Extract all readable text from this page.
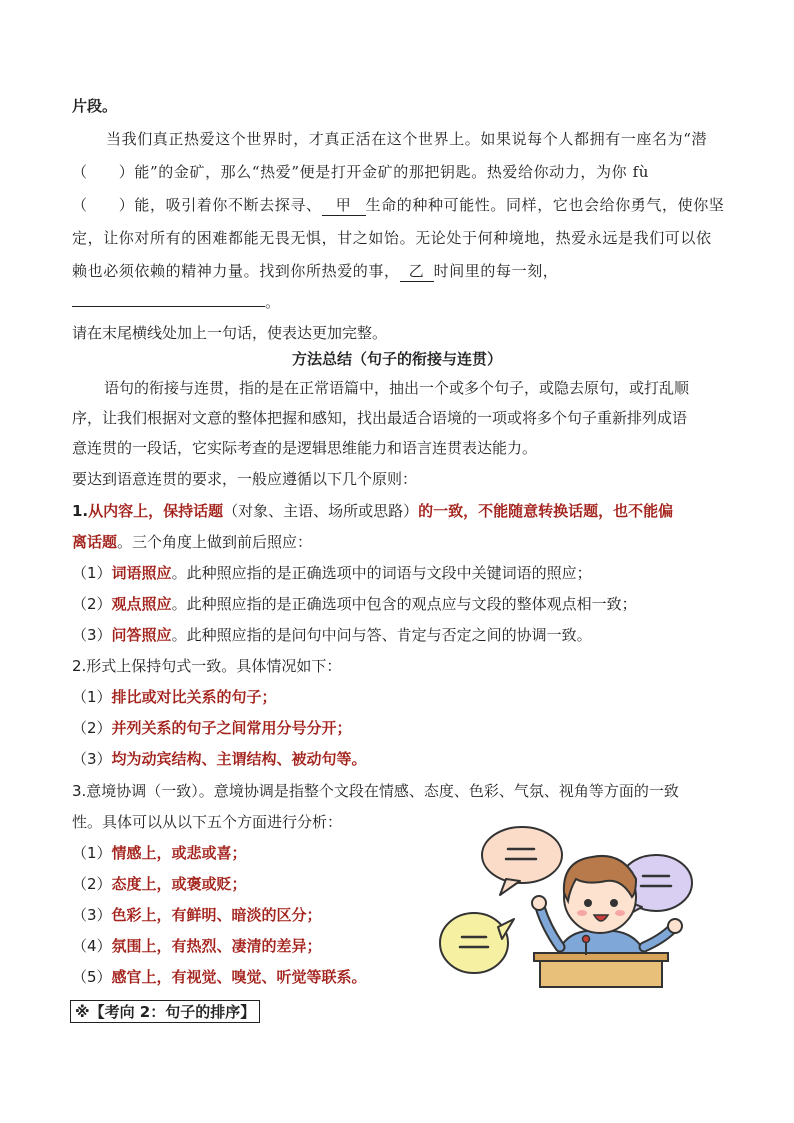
片段。
当我们真正热爱这个世界时，才真正活在这个世界上。如果说每个人都拥有一座名为“潜
（　　）能”的金矿，那么“热爱”便是打开金矿的那把钥匙。热爱给你动力，为你 fù
（　　）能，吸引着你不断去探寻、 甲 生命的种种可能性。同样，它也会给你勇气，使你坚
定，让你对所有的困难都能无畏无惧，甘之如饴。无论处于何种境地，热爱永远是我们可以依
赖也必须依赖的精神力量。找到你所热爱的事， 乙 时间里的每一刻，
。
请在末尾横线处加上一句话，使表达更加完整。
方法总结（句子的衔接与连贯）
语句的衔接与连贯，指的是在正常语篇中，抽出一个或多个句子，或隐去原句，或打乱顺
序，让我们根据对文意的整体把握和感知，找出最适合语境的一项或将多个句子重新排列成语
意连贯的一段话，它实际考查的是逻辑思维能力和语言连贯表达能力。
要达到语意连贯的要求，一般应遵循以下几个原则：
1.从内容上，保持话题（对象、主语、场所或思路）的一致，不能随意转换话题，也不能偏
离话题。三个角度上做到前后照应：
（1）词语照应。此种照应指的是正确选项中的词语与文段中关键词语的照应；
（2）观点照应。此种照应指的是正确选项中包含的观点应与文段的整体观点相一致；
（3）问答照应。此种照应指的是问句中问与答、肯定与否定之间的协调一致。
2.形式上保持句式一致。具体情况如下：
（1）排比或对比关系的句子；
（2）并列关系的句子之间常用分号分开；
（3）均为动宾结构、主谓结构、被动句等。
3.意境协调（一致）。意境协调是指整个文段在情感、态度、色彩、气氛、视角等方面的一致
性。具体可以从以下五个方面进行分析：
（1）情感上，或悲或喜；
（2）态度上，或褒或贬；
（3）色彩上，有鲜明、暗淡的区分；
（4）氛围上，有热烈、凄清的差异；
（5）感官上，有视觉、嗅觉、听觉等联系。
※【考向 2：句子的排序】
